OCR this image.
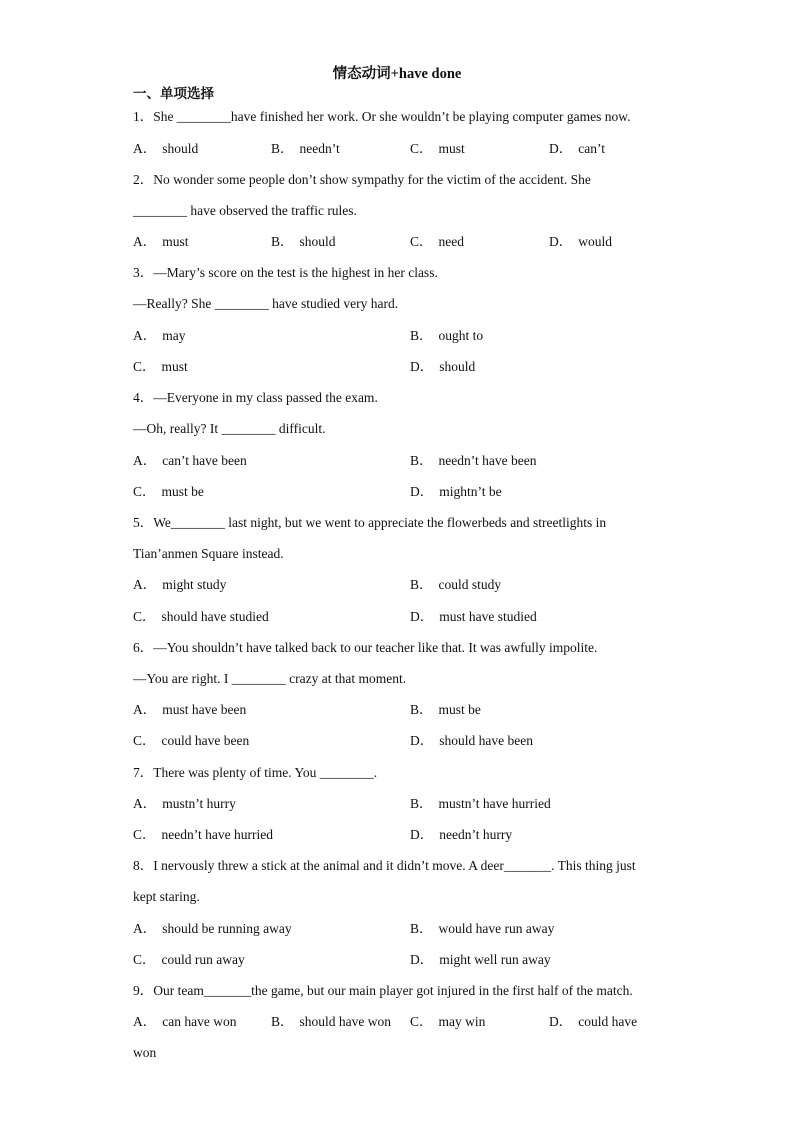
情态动词+have done
一、单项选择
1．She ________have finished her work. Or she wouldn’t be playing computer games now.
A． should	B． needn’t	C． must	D． can’t
2．No wonder some people don’t show sympathy for the victim of the accident. She
________ have observed the traffic rules.
A． must	B． should	C． need	D． would
3．—Mary’s score on the test is the highest in her class.
—Really? She ________ have studied very hard.
A． may	B． ought to
C． must	D． should
4．—Everyone in my class passed the exam.
—Oh, really? It ________ difficult.
A． can’t have been	B． needn’t have been
C． must be	D． mightn’t be
5．We________ last night, but we went to appreciate the flowerbeds and streetlights in
Tian’anmen Square instead.
A． might study	B． could study
C． should have studied	D． must have studied
6．—You shouldn’t have talked back to our teacher like that. It was awfully impolite.
—You are right. I ________ crazy at that moment.
A． must have been	B． must be
C． could have been	D． should have been
7．There was plenty of time. You ________.
A． mustn’t hurry	B． mustn’t have hurried
C． needn’t have hurried	D． needn’t hurry
8．I nervously threw a stick at the animal and it didn’t move. A deer_______. This thing just
kept staring.
A． should be running away	B． would have run away
C． could run away	D． might well run away
9．Our team_______the game, but our main player got injured in the first half of the match.
A． can have won	B． should have won C． may win	D． could have
won
